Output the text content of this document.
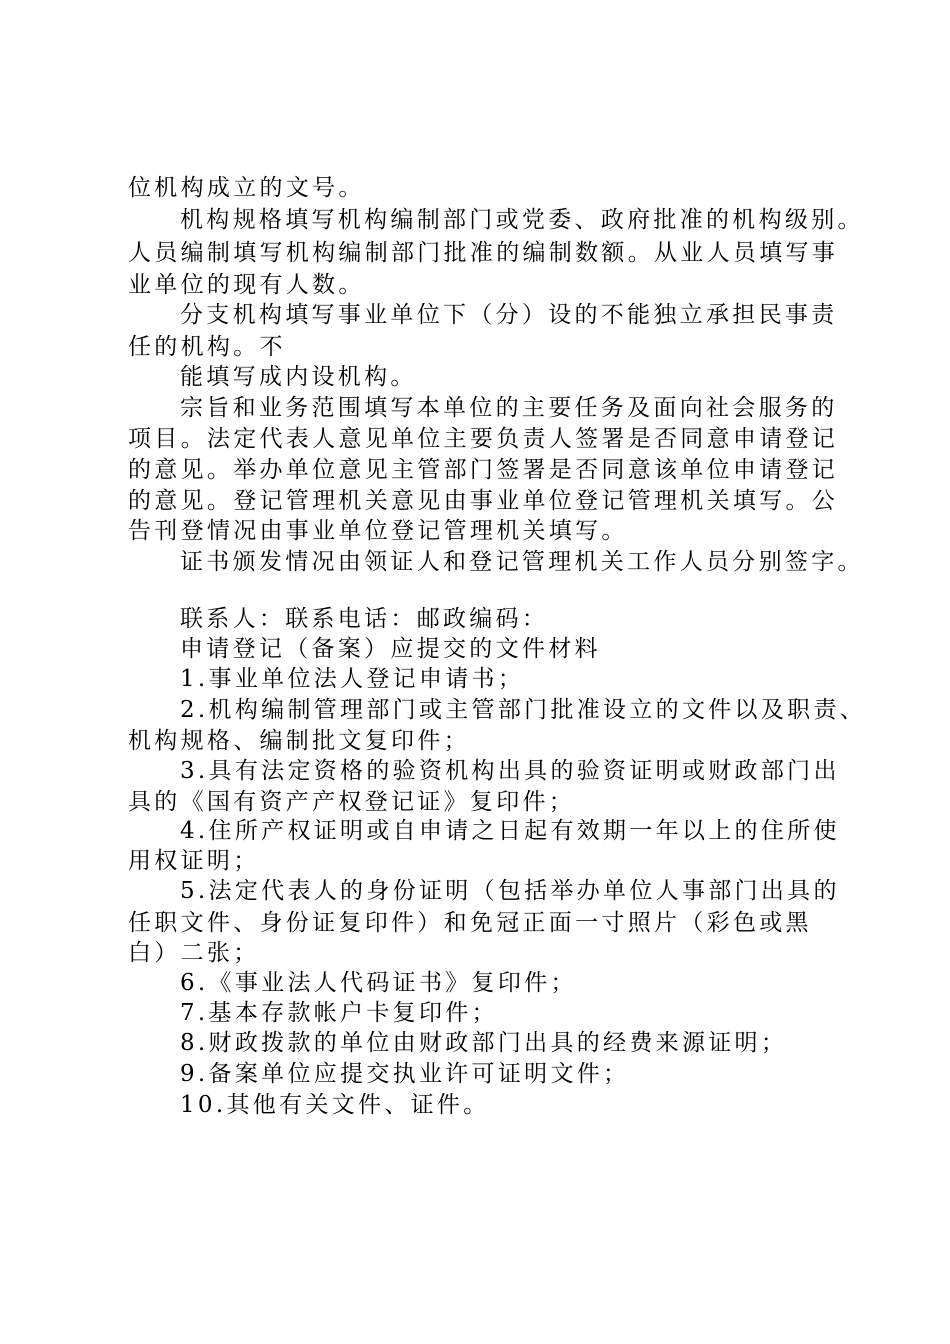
位机构成立的文号。
机构规格填写机构编制部门或党委、政府批准的机构级别。
人员编制填写机构编制部门批准的编制数额。从业人员填写事
业单位的现有人数。
分支机构填写事业单位下（分）设的不能独立承担民事责
任的机构。不
能填写成内设机构。
宗旨和业务范围填写本单位的主要任务及面向社会服务的
项目。法定代表人意见单位主要负责人签署是否同意申请登记
的意见。举办单位意见主管部门签署是否同意该单位申请登记
的意见。登记管理机关意见由事业单位登记管理机关填写。公
告刊登情况由事业单位登记管理机关填写。
证书颁发情况由领证人和登记管理机关工作人员分别签字。
联系人：联系电话：邮政编码：
申请登记（备案）应提交的文件材料
1.事业单位法人登记申请书；
2.机构编制管理部门或主管部门批准设立的文件以及职责、
机构规格、编制批文复印件；
3.具有法定资格的验资机构出具的验资证明或财政部门出
具的《国有资产产权登记证》复印件；
4.住所产权证明或自申请之日起有效期一年以上的住所使
用权证明；
5.法定代表人的身份证明（包括举办单位人事部门出具的
任职文件、身份证复印件）和免冠正面一寸照片（彩色或黑
白）二张；
6.《事业法人代码证书》复印件；
7.基本存款帐户卡复印件；
8.财政拨款的单位由财政部门出具的经费来源证明；
9.备案单位应提交执业许可证明文件；
10.其他有关文件、证件。
